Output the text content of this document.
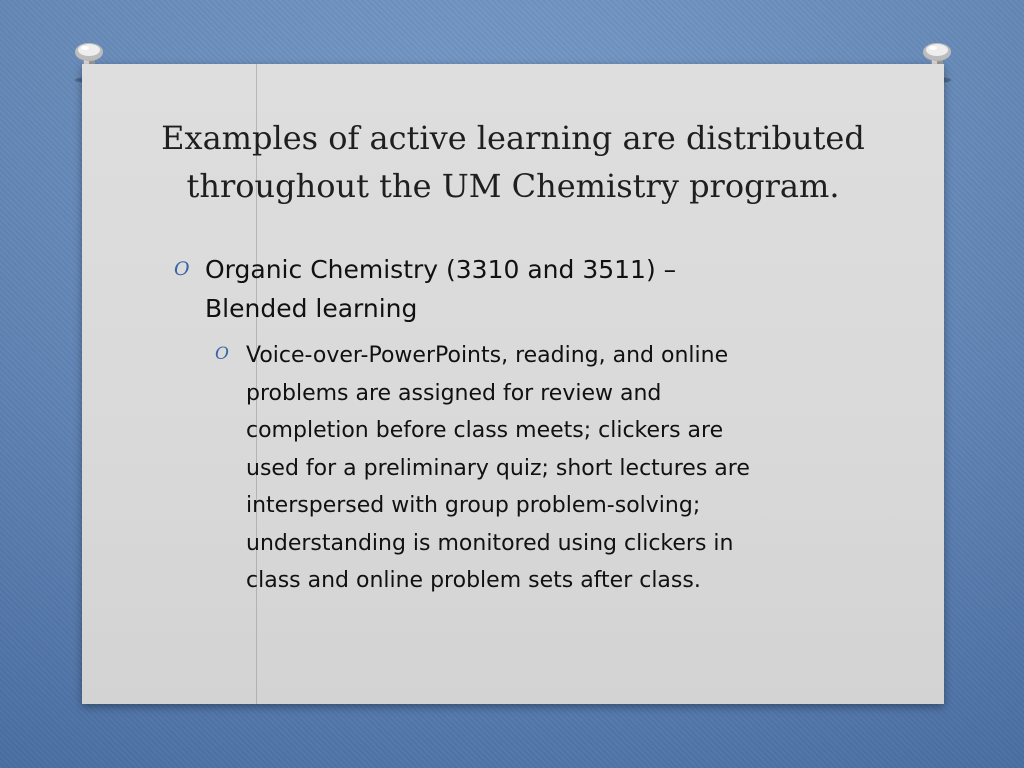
Examples of active learning are distributed
throughout the UM Chemistry program.
O Organic Chemistry (3310 and 3511) –
Blended learning
O Voice-over-PowerPoints, reading, and online
problems are assigned for review and
completion before class meets; clickers are
used for a preliminary quiz; short lectures are
interspersed with group problem-solving;
understanding is monitored using clickers in
class and online problem sets after class.
